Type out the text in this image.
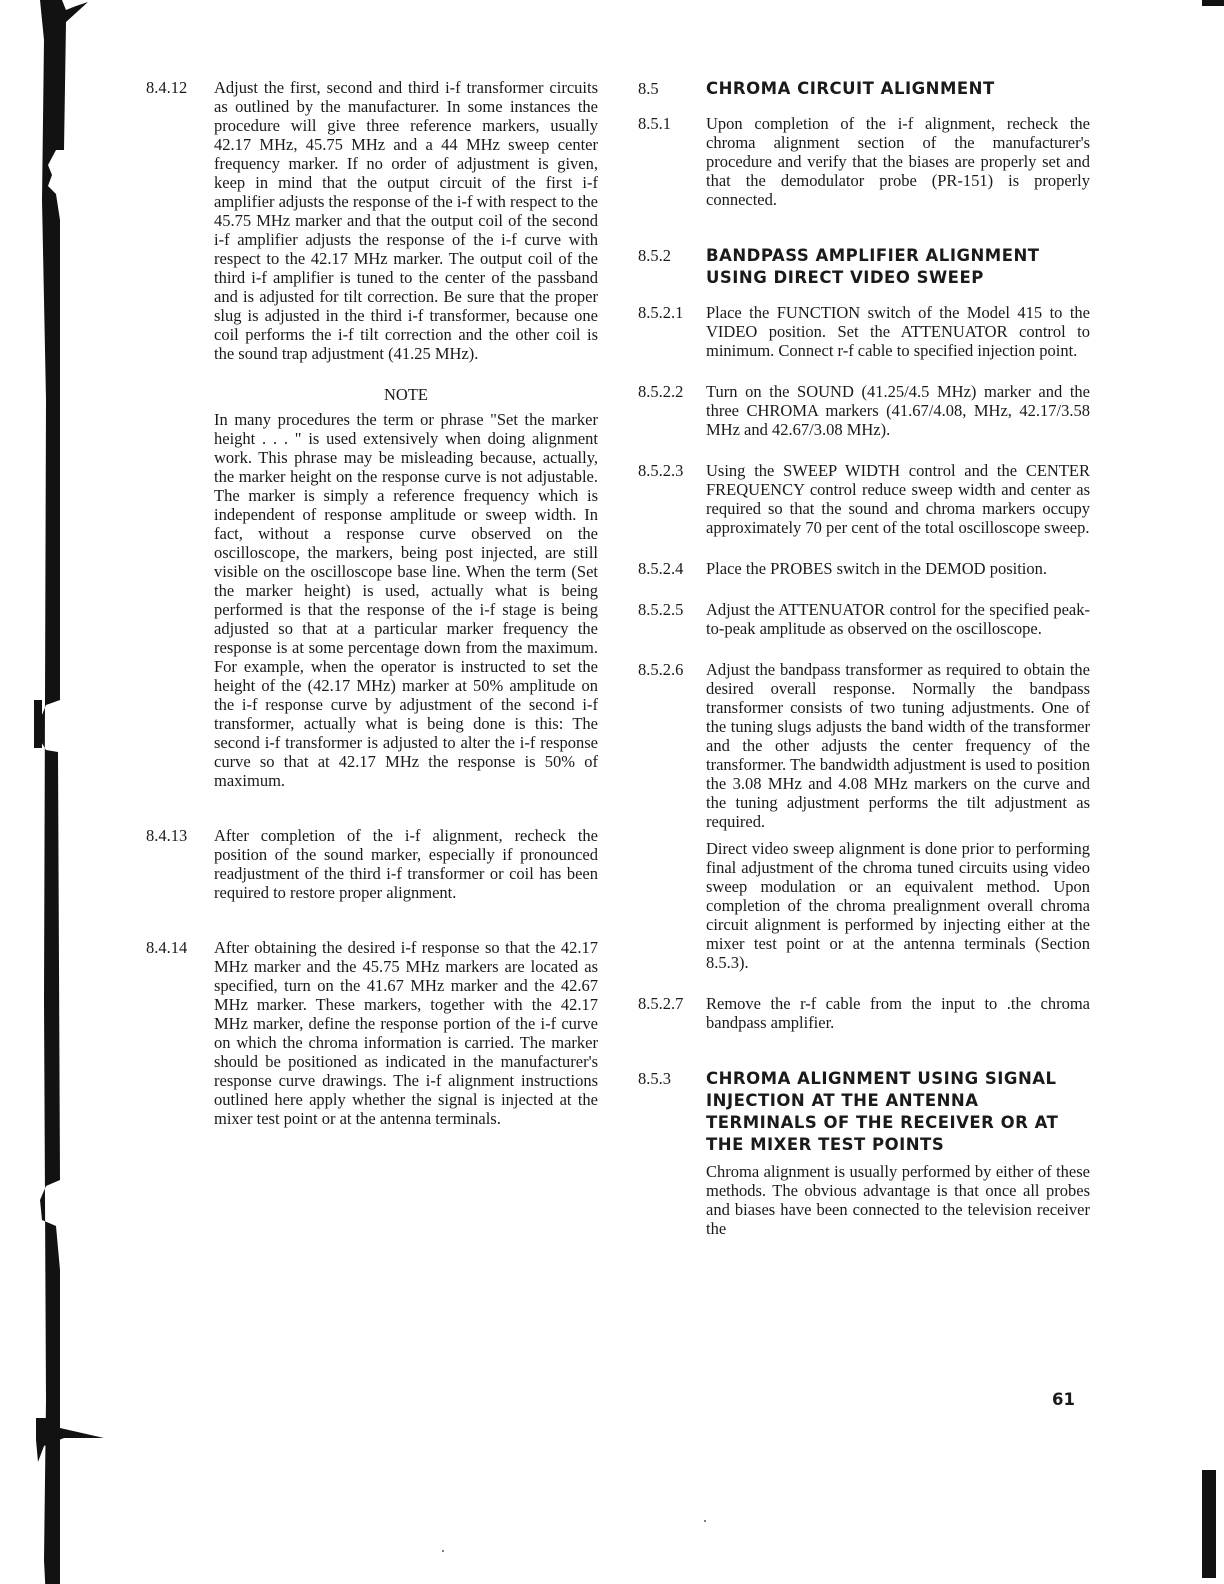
8.4.12 Adjust the first, second and third i-f transformer circuits as outlined by the manufacturer. In some instances the procedure will give three reference markers, usually 42.17 MHz, 45.75 MHz and a 44 MHz sweep center frequency marker. If no order of adjustment is given, keep in mind that the output circuit of the first i-f amplifier adjusts the response of the i-f with respect to the 45.75 MHz marker and that the output coil of the second i-f amplifier adjusts the response of the i-f curve with respect to the 42.17 MHz marker. The output coil of the third i-f amplifier is tuned to the center of the passband and is adjusted for tilt correction. Be sure that the proper slug is adjusted in the third i-f transformer, because one coil performs the i-f tilt correction and the other coil is the sound trap adjustment (41.25 MHz).
NOTE
In many procedures the term or phrase "Set the marker height . . . " is used extensively when doing alignment work. This phrase may be misleading because, actually, the marker height on the response curve is not adjustable. The marker is simply a reference frequency which is independent of response amplitude or sweep width. In fact, without a response curve observed on the oscilloscope, the markers, being post injected, are still visible on the oscilloscope base line. When the term (Set the marker height) is used, actually what is being performed is that the response of the i-f stage is being adjusted so that at a particular marker frequency the response is at some percentage down from the maximum. For example, when the operator is instructed to set the height of the (42.17 MHz) marker at 50% amplitude on the i-f response curve by adjustment of the second i-f transformer, actually what is being done is this: The second i-f transformer is adjusted to alter the i-f response curve so that at 42.17 MHz the response is 50% of maximum.
8.4.13 After completion of the i-f alignment, recheck the position of the sound marker, especially if pronounced readjustment of the third i-f transformer or coil has been required to restore proper alignment.
8.4.14 After obtaining the desired i-f response so that the 42.17 MHz marker and the 45.75 MHz markers are located as specified, turn on the 41.67 MHz marker and the 42.67 MHz marker. These markers, together with the 42.17 MHz marker, define the response portion of the i-f curve on which the chroma information is carried. The marker should be positioned as indicated in the manufacturer's response curve drawings. The i-f alignment instructions outlined here apply whether the signal is injected at the mixer test point or at the antenna terminals.
8.5	CHROMA CIRCUIT ALIGNMENT
8.5.1 Upon completion of the i-f alignment, recheck the chroma alignment section of the manufacturer's procedure and verify that the biases are properly set and that the demodulator probe (PR-151) is properly connected.
8.5.2 BANDPASS AMPLIFIER ALIGNMENT USING DIRECT VIDEO SWEEP
8.5.2.1 Place the FUNCTION switch of the Model 415 to the VIDEO position. Set the ATTENUATOR control to minimum. Connect r-f cable to specified injection point.
8.5.2.2 Turn on the SOUND (41.25/4.5 MHz) marker and the three CHROMA markers (41.67/4.08, MHz, 42.17/3.58 MHz and 42.67/3.08 MHz).
8.5.2.3 Using the SWEEP WIDTH control and the CENTER FREQUENCY control reduce sweep width and center as required so that the sound and chroma markers occupy approximately 70 per cent of the total oscilloscope sweep.
8.5.2.4 Place the PROBES switch in the DEMOD position.
8.5.2.5 Adjust the ATTENUATOR control for the specified peak-to-peak amplitude as observed on the oscilloscope.
8.5.2.6 Adjust the bandpass transformer as required to obtain the desired overall response. Normally the bandpass transformer consists of two tuning adjustments. One of the tuning slugs adjusts the band width of the transformer and the other adjusts the center frequency of the transformer. The bandwidth adjustment is used to position the 3.08 MHz and 4.08 MHz markers on the curve and the tuning adjustment performs the tilt adjustment as required.
Direct video sweep alignment is done prior to performing final adjustment of the chroma tuned circuits using video sweep modulation or an equivalent method. Upon completion of the chroma prealignment overall chroma circuit alignment is performed by injecting either at the mixer test point or at the antenna terminals (Section 8.5.3).
8.5.2.7 Remove the r-f cable from the input to .the chroma bandpass amplifier.
8.5.3 CHROMA ALIGNMENT USING SIGNAL INJECTION AT THE ANTENNA TERMINALS OF THE RECEIVER OR AT THE MIXER TEST POINTS
Chroma alignment is usually performed by either of these methods. The obvious advantage is that once all probes and biases have been connected to the television receiver the
61
